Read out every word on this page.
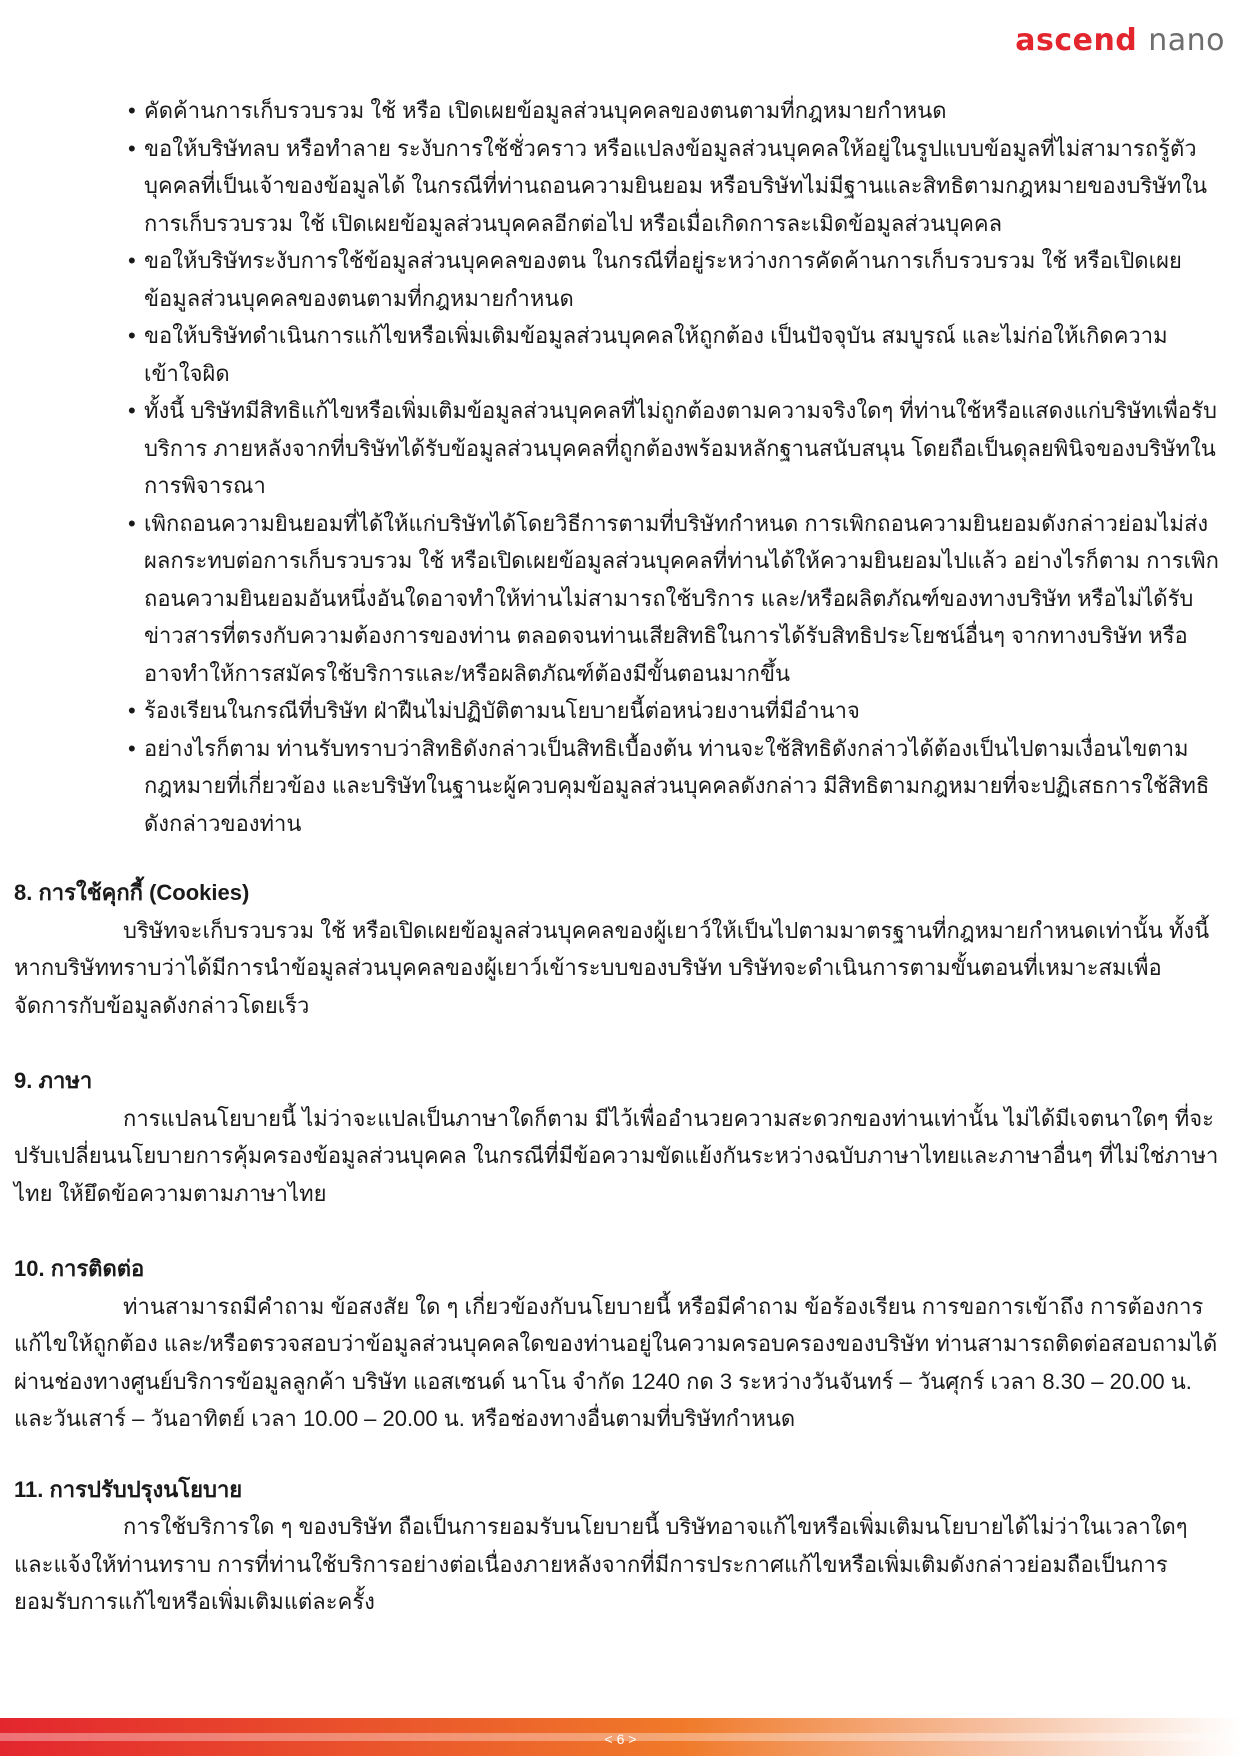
ascend nano
• คัดค้านการเก็บรวบรวม ใช้ หรือ เปิดเผยข้อมูลส่วนบุคคลของตนตามที่กฎหมายกำหนด
• ขอให้บริษัทลบ หรือทำลาย ระงับการใช้ชั่วคราว หรือแปลงข้อมูลส่วนบุคคลให้อยู่ในรูปแบบข้อมูลที่ไม่สามารถรู้ตัวบุคคลที่เป็นเจ้าของข้อมูลได้ ในกรณีที่ท่านถอนความยินยอม หรือบริษัทไม่มีฐานและสิทธิตามกฎหมายของบริษัทในการเก็บรวบรวม ใช้ เปิดเผยข้อมูลส่วนบุคคลอีกต่อไป หรือเมื่อเกิดการละเมิดข้อมูลส่วนบุคคล
• ขอให้บริษัทระงับการใช้ข้อมูลส่วนบุคคลของตน ในกรณีที่อยู่ระหว่างการคัดค้านการเก็บรวบรวม ใช้ หรือเปิดเผยข้อมูลส่วนบุคคลของตนตามที่กฎหมายกำหนด
• ขอให้บริษัทดำเนินการแก้ไขหรือเพิ่มเติมข้อมูลส่วนบุคคลให้ถูกต้อง เป็นปัจจุบัน สมบูรณ์ และไม่ก่อให้เกิดความเข้าใจผิด
• ทั้งนี้ บริษัทมีสิทธิแก้ไขหรือเพิ่มเติมข้อมูลส่วนบุคคลที่ไม่ถูกต้องตามความจริงใดๆ ที่ท่านใช้หรือแสดงแก่บริษัทเพื่อรับบริการ ภายหลังจากที่บริษัทได้รับข้อมูลส่วนบุคคลที่ถูกต้องพร้อมหลักฐานสนับสนุน โดยถือเป็นดุลยพินิจของบริษัทในการพิจารณา
• เพิกถอนความยินยอมที่ได้ให้แก่บริษัทได้โดยวิธีการตามที่บริษัทกำหนด การเพิกถอนความยินยอมดังกล่าวย่อมไม่ส่งผลกระทบต่อการเก็บรวบรวม ใช้ หรือเปิดเผยข้อมูลส่วนบุคคลที่ท่านได้ให้ความยินยอมไปแล้ว อย่างไรก็ตาม การเพิกถอนความยินยอมอันหนึ่งอันใดอาจทำให้ท่านไม่สามารถใช้บริการ และ/หรือผลิตภัณฑ์ของทางบริษัท หรือไม่ได้รับข่าวสารที่ตรงกับความต้องการของท่าน ตลอดจนท่านเสียสิทธิในการได้รับสิทธิประโยชน์อื่นๆ จากทางบริษัท หรืออาจทำให้การสมัครใช้บริการและ/หรือผลิตภัณฑ์ต้องมีขั้นตอนมากขึ้น
• ร้องเรียนในกรณีที่บริษัท ฝ่าฝืนไม่ปฏิบัติตามนโยบายนี้ต่อหน่วยงานที่มีอำนาจ
• อย่างไรก็ตาม ท่านรับทราบว่าสิทธิดังกล่าวเป็นสิทธิเบื้องต้น ท่านจะใช้สิทธิดังกล่าวได้ต้องเป็นไปตามเงื่อนไขตามกฎหมายที่เกี่ยวข้อง และบริษัทในฐานะผู้ควบคุมข้อมูลส่วนบุคคลดังกล่าว มีสิทธิตามกฎหมายที่จะปฏิเสธการใช้สิทธิดังกล่าวของท่าน
8. การใช้คุกกี้ (Cookies)

บริษัทจะเก็บรวบรวม ใช้ หรือเปิดเผยข้อมูลส่วนบุคคลของผู้เยาว์ให้เป็นไปตามมาตรฐานที่กฎหมายกำหนดเท่านั้น ทั้งนี้ หากบริษัททราบว่าได้มีการนำข้อมูลส่วนบุคคลของผู้เยาว์เข้าระบบของบริษัท บริษัทจะดำเนินการตามขั้นตอนที่เหมาะสมเพื่อจัดการกับข้อมูลดังกล่าวโดยเร็ว

9. ภาษา

การแปลนโยบายนี้ ไม่ว่าจะแปลเป็นภาษาใดก็ตาม มีไว้เพื่ออำนวยความสะดวกของท่านเท่านั้น ไม่ได้มีเจตนาใดๆ ที่จะปรับเปลี่ยนนโยบายการคุ้มครองข้อมูลส่วนบุคคล ในกรณีที่มีข้อความขัดแย้งกันระหว่างฉบับภาษาไทยและภาษาอื่นๆ ที่ไม่ใช่ภาษาไทย ให้ยึดข้อความตามภาษาไทย

10. การติดต่อ

ท่านสามารถมีคำถาม ข้อสงสัย ใด ๆ เกี่ยวข้องกับนโยบายนี้ หรือมีคำถาม ข้อร้องเรียน การขอการเข้าถึง การต้องการแก้ไขให้ถูกต้อง และ/หรือตรวจสอบว่าข้อมูลส่วนบุคคลใดของท่านอยู่ในความครอบครองของบริษัท ท่านสามารถติดต่อสอบถามได้ผ่านช่องทางศูนย์บริการข้อมูลลูกค้า บริษัท แอสเซนด์ นาโน จำกัด 1240 กด 3 ระหว่างวันจันทร์ – วันศุกร์ เวลา 8.30 – 20.00 น. และวันเสาร์ – วันอาทิตย์ เวลา 10.00 – 20.00 น. หรือช่องทางอื่นตามที่บริษัทกำหนด

11. การปรับปรุงนโยบาย

การใช้บริการใด ๆ ของบริษัท ถือเป็นการยอมรับนโยบายนี้ บริษัทอาจแก้ไขหรือเพิ่มเติมนโยบายได้ไม่ว่าในเวลาใดๆ และแจ้งให้ท่านทราบ การที่ท่านใช้บริการอย่างต่อเนื่องภายหลังจากที่มีการประกาศแก้ไขหรือเพิ่มเติมดังกล่าวย่อมถือเป็นการยอมรับการแก้ไขหรือเพิ่มเติมแต่ละครั้ง

< 6 >
